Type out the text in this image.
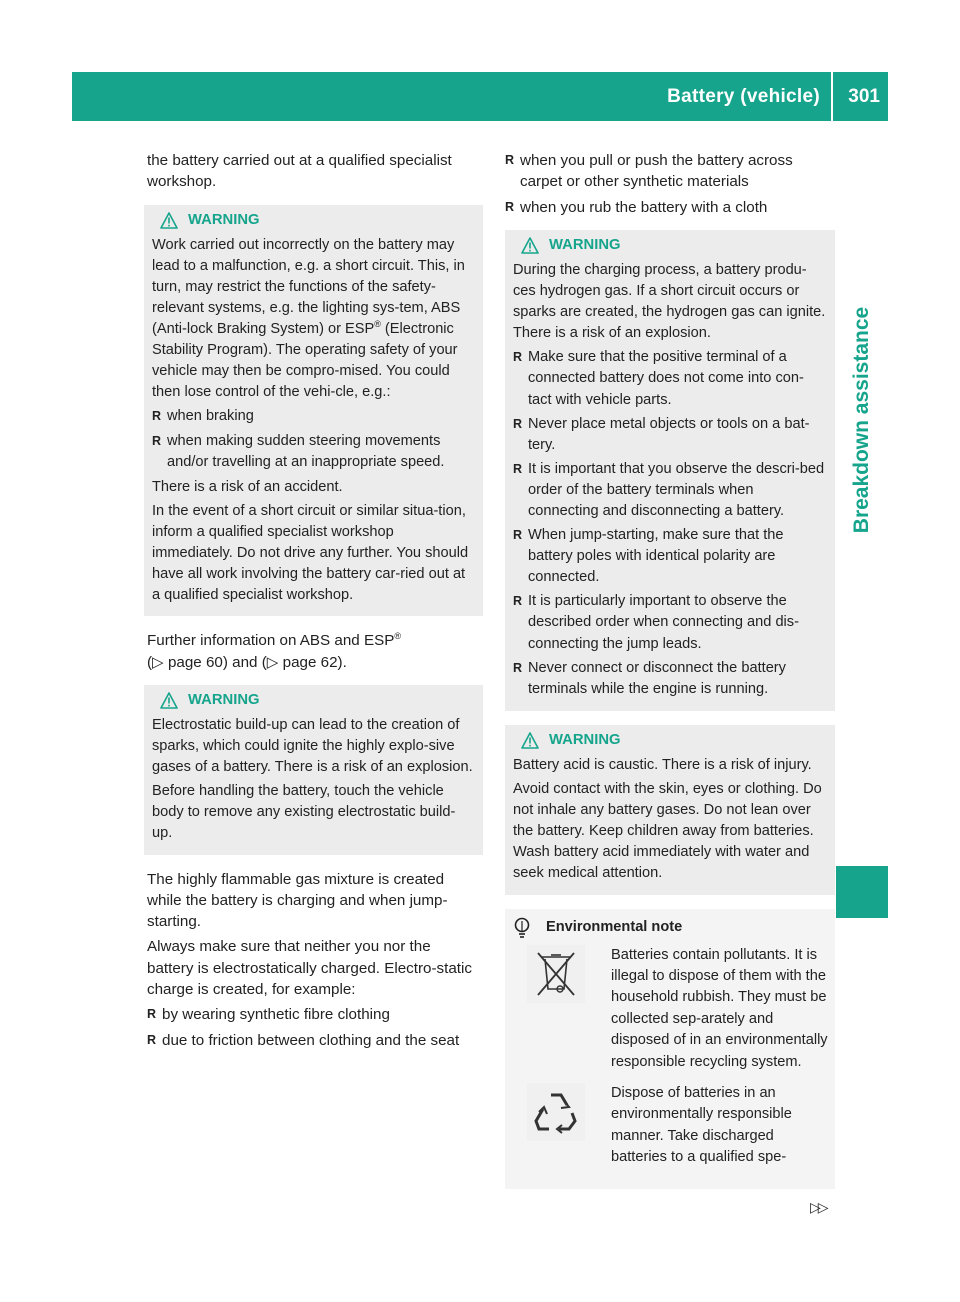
Battery (vehicle) 301
Breakdown assistance

the battery carried out at a qualified specialist workshop.

WARNING

Work carried out incorrectly on the battery may lead to a malfunction, e.g. a short circuit. This, in turn, may restrict the functions of the safety-relevant systems, e.g. the lighting sys-tem, ABS (Anti-lock Braking System) or ESP® (Electronic Stability Program). The operating safety of your vehicle may then be compro-mised. You could then lose control of the vehi-cle, e.g.:

R when braking
R when making sudden steering movements and/or travelling at an inappropriate speed.

There is a risk of an accident.

In the event of a short circuit or similar situa-tion, inform a qualified specialist workshop immediately. Do not drive any further. You should have all work involving the battery car-ried out at a qualified specialist workshop.

Further information on ABS and ESP®
(▷ page 60) and (▷ page 62).

WARNING

Electrostatic build-up can lead to the creation of sparks, which could ignite the highly explo-sive gases of a battery. There is a risk of an explosion.

Before handling the battery, touch the vehicle body to remove any existing electrostatic build-up.

The highly flammable gas mixture is created while the battery is charging and when jump-starting.

Always make sure that neither you nor the battery is electrostatically charged. Electro-static charge is created, for example:

R by wearing synthetic fibre clothing
R due to friction between clothing and the seat
R when you pull or push the battery across carpet or other synthetic materials
R when you rub the battery with a cloth
WARNING

During the charging process, a battery produ-ces hydrogen gas. If a short circuit occurs or sparks are created, the hydrogen gas can ignite. There is a risk of an explosion.

R Make sure that the positive terminal of a connected battery does not come into con-tact with vehicle parts.
R Never place metal objects or tools on a bat-tery.
R It is important that you observe the descri-bed order of the battery terminals when connecting and disconnecting a battery.
R When jump-starting, make sure that the battery poles with identical polarity are connected.
R It is particularly important to observe the described order when connecting and dis-connecting the jump leads.
R Never connect or disconnect the battery terminals while the engine is running.
WARNING

Battery acid is caustic. There is a risk of injury.

Avoid contact with the skin, eyes or clothing. Do not inhale any battery gases. Do not lean over the battery. Keep children away from batteries. Wash battery acid immediately with water and seek medical attention.

Environmental note
Batteries contain pollutants. It is illegal to dispose of them with the household rubbish. They must be collected sep-arately and disposed of in an environmentally responsible recycling system.
Dispose of batteries in an environmentally responsible manner. Take discharged batteries to a qualified spe-
▷▷
